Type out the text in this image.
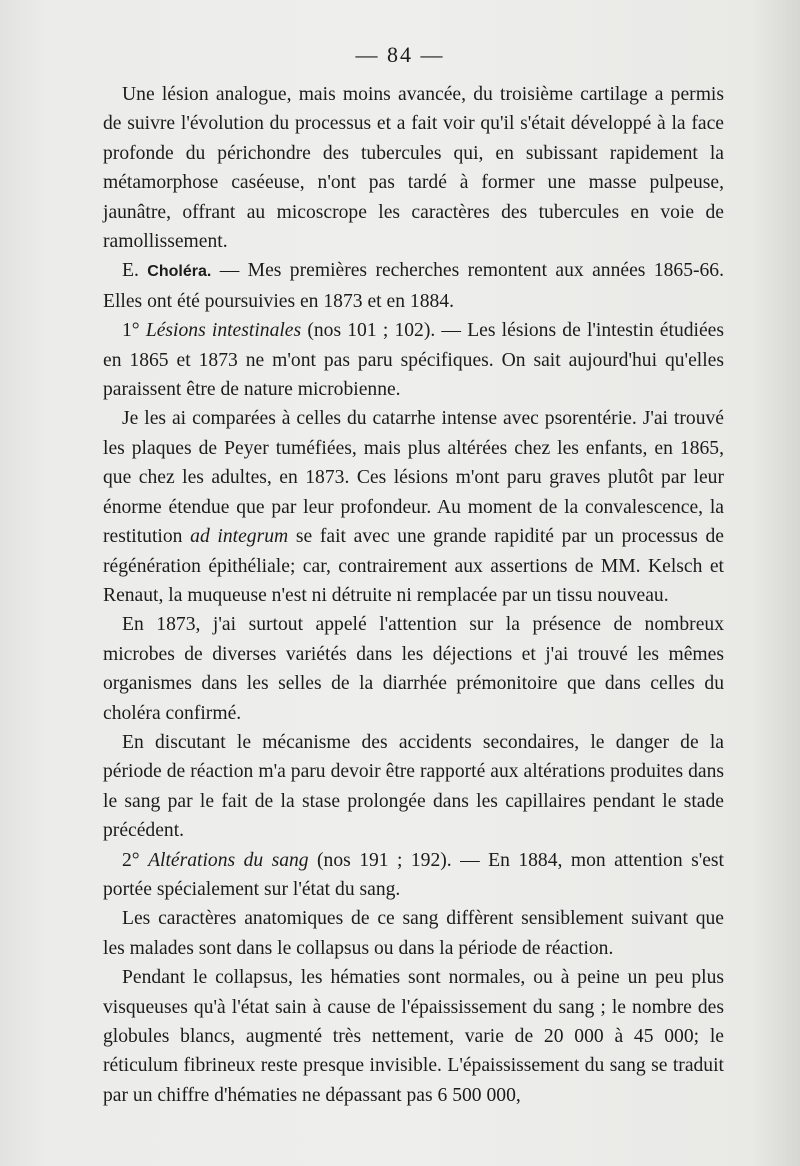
— 84 —

Une lésion analogue, mais moins avancée, du troisième cartilage a permis de suivre l'évolution du processus et a fait voir qu'il s'était développé à la face profonde du périchondre des tubercules qui, en subissant rapidement la métamorphose caséeuse, n'ont pas tardé à former une masse pulpeuse, jaunâtre, offrant au micoscrope les caractères des tubercules en voie de ramollissement.

E. Choléra. — Mes premières recherches remontent aux années 1865-66. Elles ont été poursuivies en 1873 et en 1884.

1° Lésions intestinales (nos 101 ; 102). — Les lésions de l'intestin étudiées en 1865 et 1873 ne m'ont pas paru spécifiques. On sait aujourd'hui qu'elles paraissent être de nature microbienne.

Je les ai comparées à celles du catarrhe intense avec psorentérie. J'ai trouvé les plaques de Peyer tuméfiées, mais plus altérées chez les enfants, en 1865, que chez les adultes, en 1873. Ces lésions m'ont paru graves plutôt par leur énorme étendue que par leur profondeur. Au moment de la convalescence, la restitution ad integrum se fait avec une grande rapidité par un processus de régénération épithéliale; car, contrairement aux assertions de MM. Kelsch et Renaut, la muqueuse n'est ni détruite ni remplacée par un tissu nouveau.

En 1873, j'ai surtout appelé l'attention sur la présence de nombreux microbes de diverses variétés dans les déjections et j'ai trouvé les mêmes organismes dans les selles de la diarrhée prémonitoire que dans celles du choléra confirmé.

En discutant le mécanisme des accidents secondaires, le danger de la période de réaction m'a paru devoir être rapporté aux altérations produites dans le sang par le fait de la stase prolongée dans les capillaires pendant le stade précédent.

2° Altérations du sang (nos 191 ; 192). — En 1884, mon attention s'est portée spécialement sur l'état du sang.

Les caractères anatomiques de ce sang diffèrent sensiblement suivant que les malades sont dans le collapsus ou dans la période de réaction.

Pendant le collapsus, les hématies sont normales, ou à peine un peu plus visqueuses qu'à l'état sain à cause de l'épaississement du sang ; le nombre des globules blancs, augmenté très nettement, varie de 20 000 à 45 000; le réticulum fibrineux reste presque invisible. L'épaississement du sang se traduit par un chiffre d'hématies ne dépassant pas 6 500 000,
